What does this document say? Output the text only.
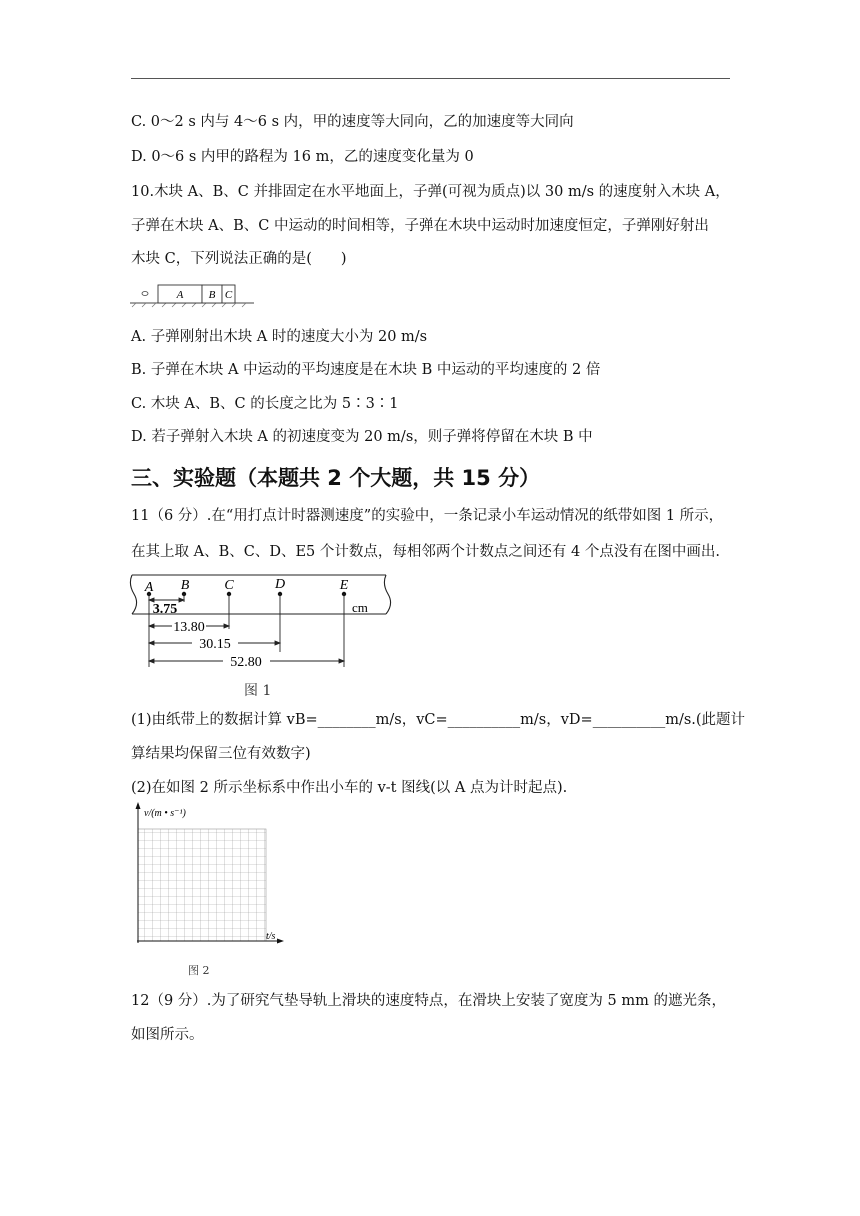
C. 0～2 s 内与 4～6 s 内，甲的速度等大同向，乙的加速度等大同向
D. 0～6 s 内甲的路程为 16 m，乙的速度变化量为 0
10.木块 A、B、C 并排固定在水平地面上，子弹(可视为质点)以 30 m/s 的速度射入木块 A，
子弹在木块 A、B、C 中运动的时间相等，子弹在木块中运动时加速度恒定，子弹刚好射出
木块 C，下列说法正确的是(　　)
A B C
A. 子弹刚射出木块 A 时的速度大小为 20 m/s
B. 子弹在木块 A 中运动的平均速度是在木块 B 中运动的平均速度的 2 倍
C. 木块 A、B、C 的长度之比为 5∶3∶1
D. 若子弹射入木块 A 的初速度变为 20 m/s，则子弹将停留在木块 B 中
三、实验题（本题共 2 个大题，共 15 分）
11（6 分）.在“用打点计时器测速度”的实验中，一条记录小车运动情况的纸带如图 1 所示，
在其上取 A、B、C、D、E5 个计数点，每相邻两个计数点之间还有 4 个点没有在图中画出.
A B	C	D	E
cm
3.75
13.80
30.15
52.80
图 1
(1)由纸带上的数据计算 vB=________m/s，vC=__________m/s，vD=__________m/s.(此题计
算结果均保留三位有效数字)
(2)在如图 2 所示坐标系中作出小车的 v-t 图线(以 A 点为计时起点).
v/(m • s⁻¹)
t/s
图 2
12（9 分）.为了研究气垫导轨上滑块的速度特点，在滑块上安装了宽度为 5 mm 的遮光条，
如图所示。
